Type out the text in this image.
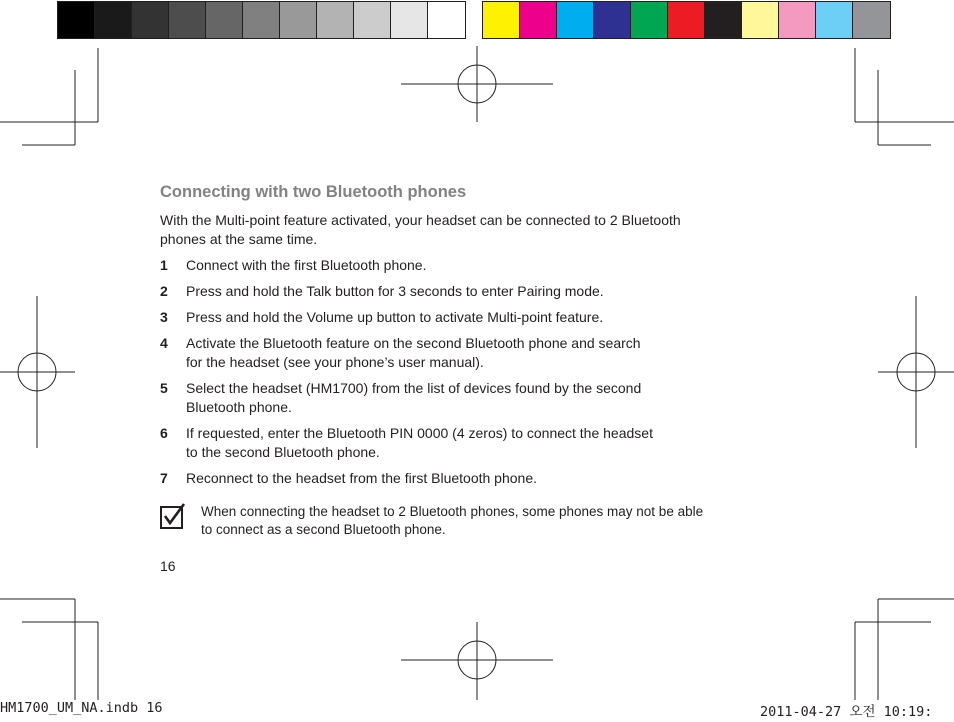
Connecting with two Bluetooth phones
With the Multi-point feature activated, your headset can be connected to 2 Bluetooth
phones at the same time.
1 Connect with the first Bluetooth phone.
2 Press and hold the Talk button for 3 seconds to enter Pairing mode.
3 Press and hold the Volume up button to activate Multi-point feature.
4 Activate the Bluetooth feature on the second Bluetooth phone and search
for the headset (see your phone’s user manual).
5 Select the headset (HM1700) from the list of devices found by the second
Bluetooth phone.
6 If requested, enter the Bluetooth PIN 0000 (4 zeros) to connect the headset
to the second Bluetooth phone.
7 Reconnect to the headset from the first Bluetooth phone.
When connecting the headset to 2 Bluetooth phones, some phones may not be able
to connect as a second Bluetooth phone.
16
HM1700_UM_NA.indb 16	2011-04-27 오전 10:19:
